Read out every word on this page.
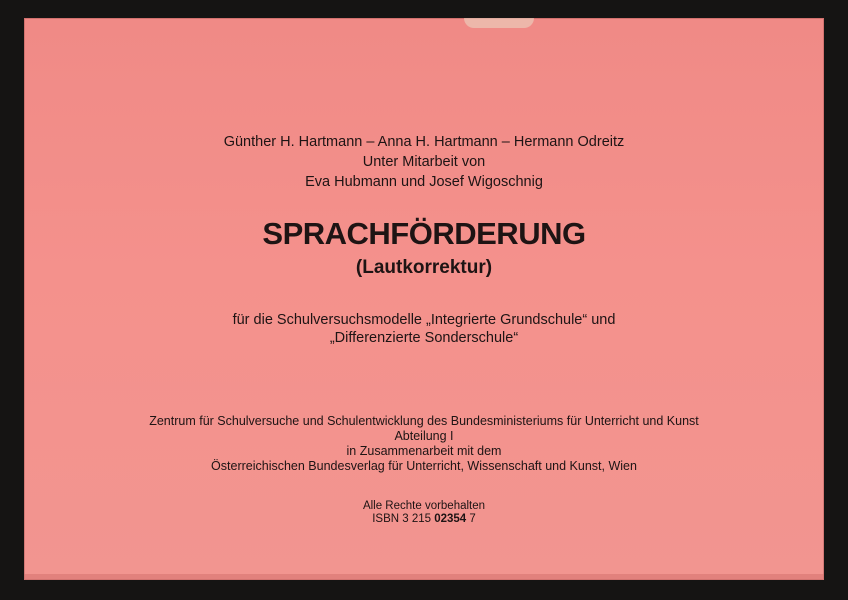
Günther H. Hartmann – Anna H. Hartmann – Hermann Odreitz
Unter Mitarbeit von
Eva Hubmann und Josef Wigoschnig
SPRACHFÖRDERUNG
(Lautkorrektur)
für die Schulversuchsmodelle „Integrierte Grundschule“ und
„Differenzierte Sonderschule“
Zentrum für Schulversuche und Schulentwicklung des Bundesministeriums für Unterricht und Kunst
Abteilung I
in Zusammenarbeit mit dem
Österreichischen Bundesverlag für Unterricht, Wissenschaft und Kunst, Wien
Alle Rechte vorbehalten
ISBN 3 215 02354 7
